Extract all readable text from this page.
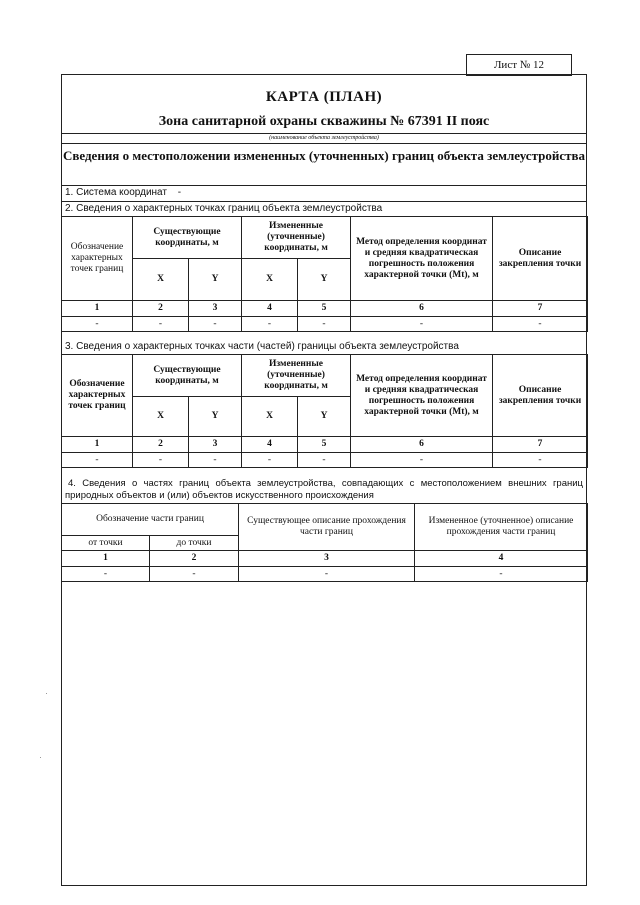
Лист № 12
КАРТА (ПЛАН)
Зона санитарной охраны скважины № 67391 II пояс
(наименование объекта землеустройства)
Сведения о местоположении измененных (уточненных) границ объекта землеустройства
1. Система координат -
2. Сведения о характерных точках границ объекта землеустройства
Обозначение характерных точек границ	Существующие координаты, м		Измененные (уточненные) координаты, м		Метод определения координат и средняя квадратическая погрешность положения характерной точки (Mt), м	Описание закрепления точки
	X	Y	X	Y		
1	2	3	4	5	6	7
-	-	-	-	-	-	-
3. Сведения о характерных точках части (частей) границы объекта землеустройства
Обозначение характерных точек границ	Существующие координаты, м		Измененные (уточненные) координаты, м		Метод определения координат и средняя квадратическая погрешность положения характерной точки (Mt), м	Описание закрепления точки
	X	Y	X	Y		
1	2	3	4	5	6	7
-	-	-	-	-	-	-
4. Сведения о частях границ объекта землеустройства, совпадающих с местоположением внешних границ природных объектов и (или) объектов искусственного происхождения
Обозначение части границ		Существующее описание прохождения части границ	Измененное (уточненное) описание прохождения части границ
от точки	до точки		
1	2	3	4
-	-	-	-
